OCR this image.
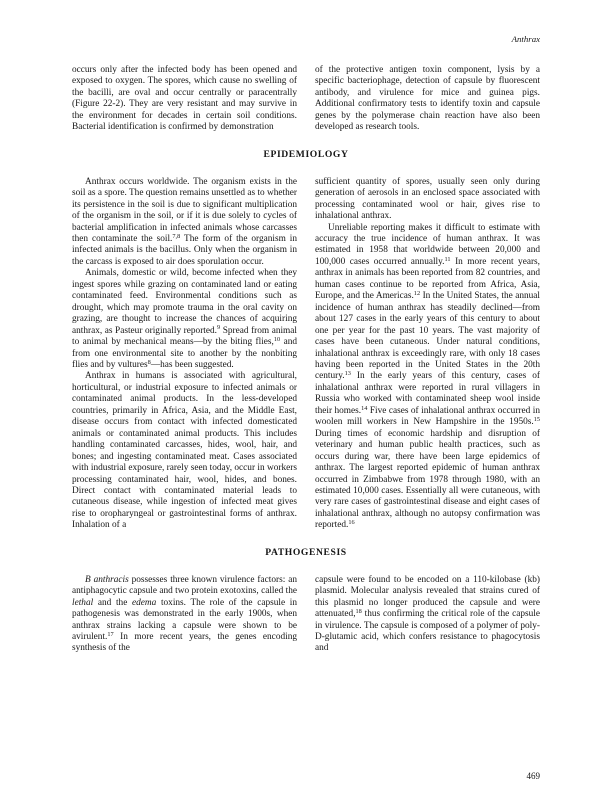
Anthrax

occurs only after the infected body has been opened and exposed to oxygen. The spores, which cause no swelling of the bacilli, are oval and occur centrally or paracentrally (Figure 22-2). They are very resistant and may survive in the environment for decades in certain soil conditions. Bacterial identification is confirmed by demonstration

of the protective antigen toxin component, lysis by a specific bacteriophage, detection of capsule by fluorescent antibody, and virulence for mice and guinea pigs. Additional confirmatory tests to identify toxin and capsule genes by the polymerase chain reaction have also been developed as research tools.

EPIDEMIOLOGY

Anthrax occurs worldwide. The organism exists in the soil as a spore. The question remains unsettled as to whether its persistence in the soil is due to significant multiplication of the organism in the soil, or if it is due solely to cycles of bacterial amplification in infected animals whose carcasses then contaminate the soil.$^{7,8}$ The form of the organism in infected animals is the bacillus. Only when the organism in the carcass is exposed to air does sporulation occur.

Animals, domestic or wild, become infected when they ingest spores while grazing on contaminated land or eating contaminated feed. Environmental conditions such as drought, which may promote trauma in the oral cavity on grazing, are thought to increase the chances of acquiring anthrax, as Pasteur originally reported.$^9$ Spread from animal to animal by mechanical means—by the biting flies,$^{10}$ and from one environmental site to another by the nonbiting flies and by vultures$^8$—has been suggested.

Anthrax in humans is associated with agricultural, horticultural, or industrial exposure to infected animals or contaminated animal products. In the less-developed countries, primarily in Africa, Asia, and the Middle East, disease occurs from contact with infected domesticated animals or contaminated animal products. This includes handling contaminated carcasses, hides, wool, hair, and bones; and ingesting contaminated meat. Cases associated with industrial exposure, rarely seen today, occur in workers processing contaminated hair, wool, hides, and bones. Direct contact with contaminated material leads to cutaneous disease, while ingestion of infected meat gives rise to oropharyngeal or gastrointestinal forms of anthrax. Inhalation of a

sufficient quantity of spores, usually seen only during generation of aerosols in an enclosed space associated with processing contaminated wool or hair, gives rise to inhalational anthrax.

Unreliable reporting makes it difficult to estimate with accuracy the true incidence of human anthrax. It was estimated in 1958 that worldwide between 20,000 and 100,000 cases occurred annually.$^{11}$ In more recent years, anthrax in animals has been reported from 82 countries, and human cases continue to be reported from Africa, Asia, Europe, and the Americas.$^{12}$ In the United States, the annual incidence of human anthrax has steadily declined—from about 127 cases in the early years of this century to about one per year for the past 10 years. The vast majority of cases have been cutaneous. Under natural conditions, inhalational anthrax is exceedingly rare, with only 18 cases having been reported in the United States in the 20th century.$^{13}$ In the early years of this century, cases of inhalational anthrax were reported in rural villagers in Russia who worked with contaminated sheep wool inside their homes.$^{14}$ Five cases of inhalational anthrax occurred in woolen mill workers in New Hampshire in the 1950s.$^{15}$ During times of economic hardship and disruption of veterinary and human public health practices, such as occurs during war, there have been large epidemics of anthrax. The largest reported epidemic of human anthrax occurred in Zimbabwe from 1978 through 1980, with an estimated 10,000 cases. Essentially all were cutaneous, with very rare cases of gastrointestinal disease and eight cases of inhalational anthrax, although no autopsy confirmation was reported.$^{16}$

PATHOGENESIS

B anthracis possesses three known virulence factors: an antiphagocytic capsule and two protein exotoxins, called the lethal and the edema toxins. The role of the capsule in pathogenesis was demonstrated in the early 1900s, when anthrax strains lacking a capsule were shown to be avirulent.$^{17}$ In more recent years, the genes encoding synthesis of the

capsule were found to be encoded on a 110-kilobase (kb) plasmid. Molecular analysis revealed that strains cured of this plasmid no longer produced the capsule and were attenuated,$^{18}$ thus confirming the critical role of the capsule in virulence. The capsule is composed of a polymer of poly-D-glutamic acid, which confers resistance to phagocytosis and

469
